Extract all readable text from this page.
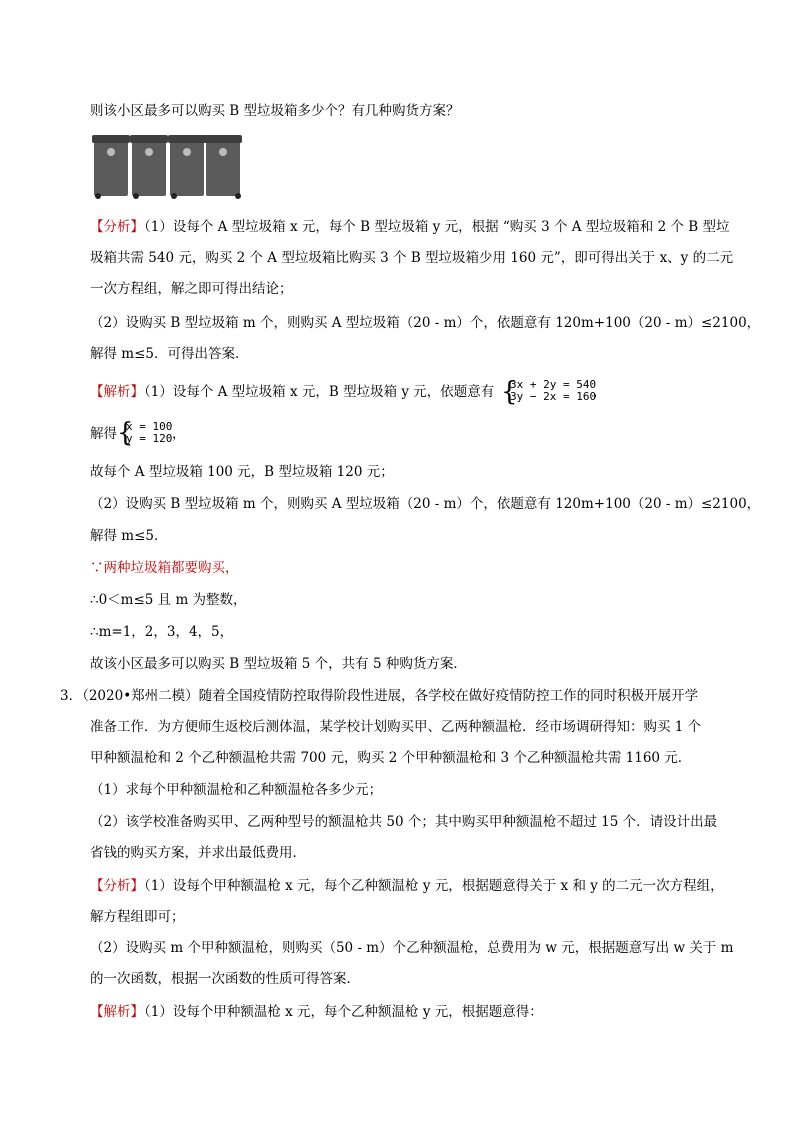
则该小区最多可以购买 B 型垃圾箱多少个？有几种购货方案？
【分析】（1）设每个 A 型垃圾箱 x 元，每个 B 型垃圾箱 y 元，根据 “购买 3 个 A 型垃圾箱和 2 个 B 型垃
圾箱共需 540 元，购买 2 个 A 型垃圾箱比购买 3 个 B 型垃圾箱少用 160 元”，即可得出关于 x、y 的二元
一次方程组，解之即可得出结论；
（2）设购买 B 型垃圾箱 m 个，则购买 A 型垃圾箱（20 - m）个，依题意有 120m+100（20 - m）≤2100，
解得 m≤5．可得出答案．
【解析】（1）设每个 A 型垃圾箱 x 元，B 型垃圾箱 y 元，依题意有 {
3x + 2y = 540
3y − 2x = 160
，
解得 {
x = 100
y = 120 ，
故每个 A 型垃圾箱 100 元，B 型垃圾箱 120 元；
（2）设购买 B 型垃圾箱 m 个，则购买 A 型垃圾箱（20 - m）个，依题意有 120m+100（20 - m）≤2100，
解得 m≤5．
∵两种垃圾箱都要购买，
∴0＜m≤5 且 m 为整数，
∴m=1，2，3，4，5，
故该小区最多可以购买 B 型垃圾箱 5 个，共有 5 种购货方案．
3．（2020•郑州二模）随着全国疫情防控取得阶段性进展，各学校在做好疫情防控工作的同时积极开展开学
准备工作．为方便师生返校后测体温，某学校计划购买甲、乙两种额温枪．经市场调研得知：购买 1 个
甲种额温枪和 2 个乙种额温枪共需 700 元，购买 2 个甲种额温枪和 3 个乙种额温枪共需 1160 元．
（1）求每个甲种额温枪和乙种额温枪各多少元；
（2）该学校准备购买甲、乙两种型号的额温枪共 50 个；其中购买甲种额温枪不超过 15 个．请设计出最
省钱的购买方案，并求出最低费用．
【分析】（1）设每个甲种额温枪 x 元，每个乙种额温枪 y 元，根据题意得关于 x 和 y 的二元一次方程组，
解方程组即可；
（2）设购买 m 个甲种额温枪，则购买（50 - m）个乙种额温枪，总费用为 w 元，根据题意写出 w 关于 m
的一次函数，根据一次函数的性质可得答案．
【解析】（1）设每个甲种额温枪 x 元，每个乙种额温枪 y 元，根据题意得：
